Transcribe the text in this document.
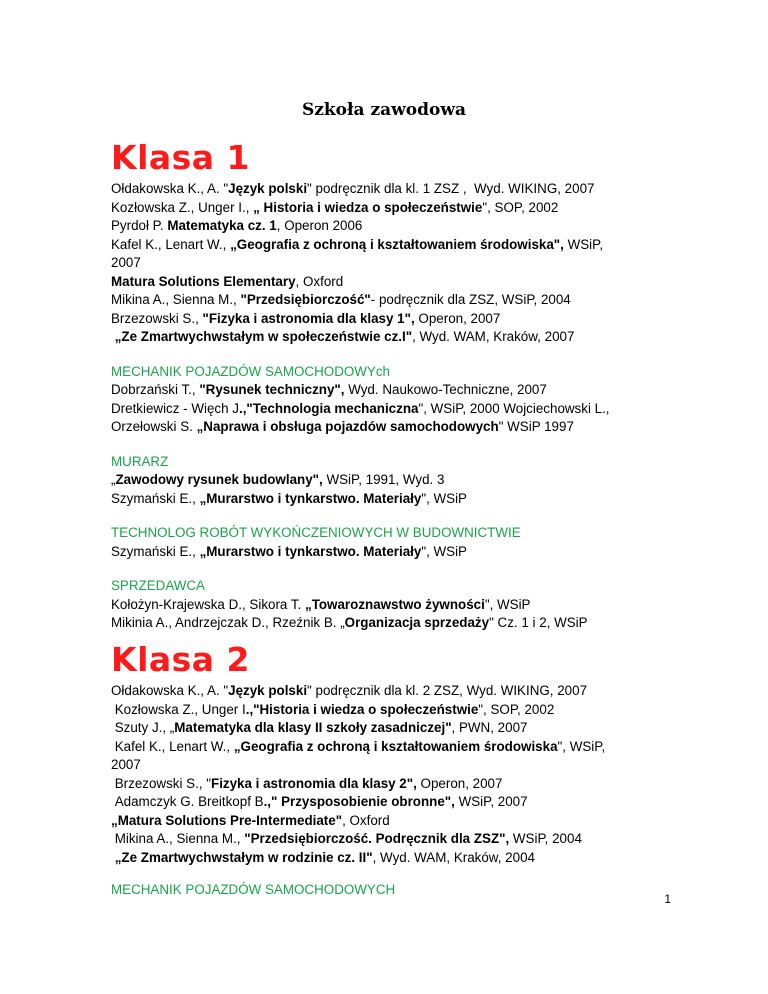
Szkoła zawodowa
Klasa 1
Ołdakowska K., A. "Język polski" podręcznik dla kl. 1 ZSZ ,  Wyd. WIKING, 2007
Kozłowska Z., Unger I., „ Historia i wiedza o społeczeństwie", SOP, 2002
Pyrdoł P. Matematyka cz. 1, Operon 2006
Kafel K., Lenart W., „Geografia z ochroną i kształtowaniem środowiska", WSiP,
2007
Matura Solutions Elementary, Oxford
Mikina A., Sienna M., "Przedsiębiorczość"- podręcznik dla ZSZ, WSiP, 2004
Brzezowski S., "Fizyka i astronomia dla klasy 1", Operon, 2007
„Ze Zmartwychwstałym w społeczeństwie cz.I", Wyd. WAM, Kraków, 2007
MECHANIK POJAZDÓW SAMOCHODOWYch
Dobrzański T., "Rysunek techniczny", Wyd. Naukowo-Techniczne, 2007
Dretkiewicz - Więch J.,"Technologia mechaniczna", WSiP, 2000 Wojciechowski L.,
Orzełowski S. „Naprawa i obsługa pojazdów samochodowych" WSiP 1997
MURARZ
„Zawodowy rysunek budowlany", WSiP, 1991, Wyd. 3
Szymański E., „Murarstwo i tynkarstwo. Materiały", WSiP
TECHNOLOG ROBÓT WYKOŃCZENIOWYCH W BUDOWNICTWIE
Szymański E., „Murarstwo i tynkarstwo. Materiały", WSiP
SPRZEDAWCA
Kołożyn-Krajewska D., Sikora T. „Towaroznawstwo żywności", WSiP
Mikinia A., Andrzejczak D., Rzeźnik B. „Organizacja sprzedaży" Cz. 1 i 2, WSiP
Klasa 2
Ołdakowska K., A. "Język polski" podręcznik dla kl. 2 ZSZ, Wyd. WIKING, 2007
Kozłowska Z., Unger I.,"Historia i wiedza o społeczeństwie", SOP, 2002
Szuty J., „Matematyka dla klasy II szkoły zasadniczej", PWN, 2007
Kafel K., Lenart W., „Geografia z ochroną i kształtowaniem środowiska", WSiP,
2007
Brzezowski S., "Fizyka i astronomia dla klasy 2", Operon, 2007
Adamczyk G. Breitkopf B.," Przysposobienie obronne", WSiP, 2007
„Matura Solutions Pre-Intermediate", Oxford
Mikina A., Sienna M., "Przedsiębiorczość. Podręcznik dla ZSZ", WSiP, 2004
„Ze Zmartwychwstałym w rodzinie cz. II", Wyd. WAM, Kraków, 2004
MECHANIK POJAZDÓW SAMOCHODOWYCH
1
